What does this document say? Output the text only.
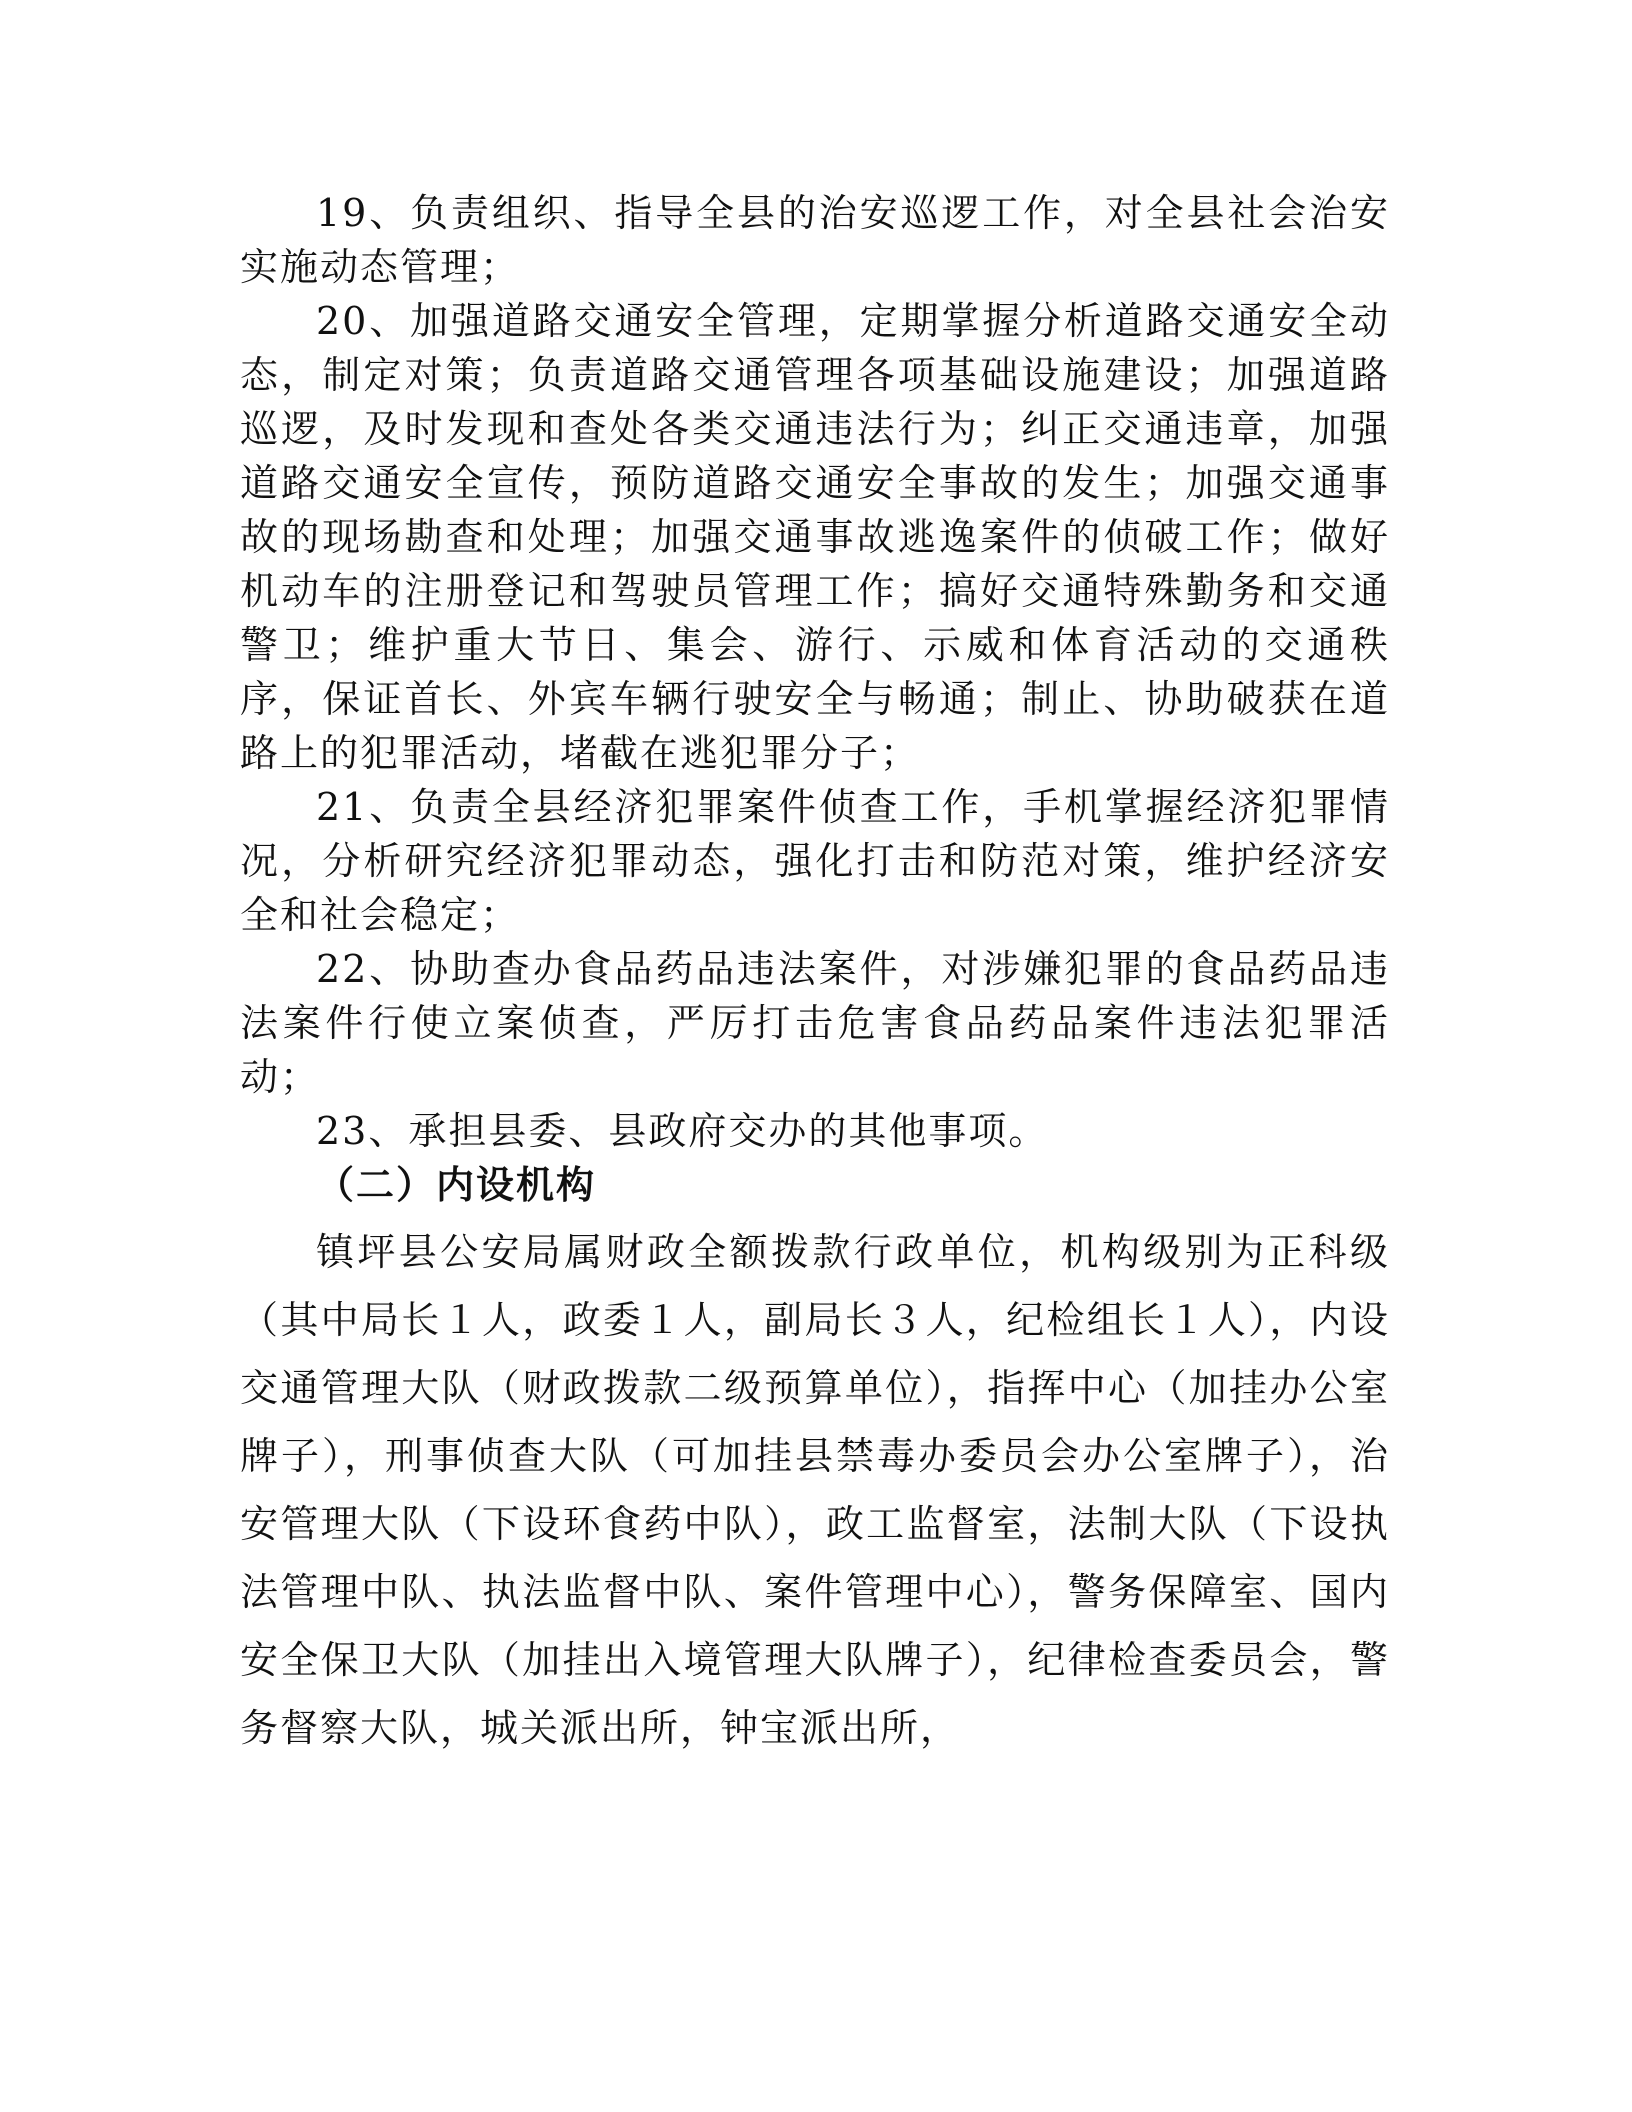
19、负责组织、指导全县的治安巡逻工作，对全县社会治安实施动态管理；

20、加强道路交通安全管理，定期掌握分析道路交通安全动态，制定对策；负责道路交通管理各项基础设施建设；加强道路巡逻，及时发现和查处各类交通违法行为；纠正交通违章，加强道路交通安全宣传，预防道路交通安全事故的发生；加强交通事故的现场勘查和处理；加强交通事故逃逸案件的侦破工作；做好机动车的注册登记和驾驶员管理工作；搞好交通特殊勤务和交通警卫；维护重大节日、集会、游行、示威和体育活动的交通秩序，保证首长、外宾车辆行驶安全与畅通；制止、协助破获在道路上的犯罪活动，堵截在逃犯罪分子；

21、负责全县经济犯罪案件侦查工作，手机掌握经济犯罪情况，分析研究经济犯罪动态，强化打击和防范对策，维护经济安全和社会稳定；

22、协助查办食品药品违法案件，对涉嫌犯罪的食品药品违法案件行使立案侦查，严厉打击危害食品药品案件违法犯罪活动；

23、承担县委、县政府交办的其他事项。

（二）内设机构

镇坪县公安局属财政全额拨款行政单位，机构级别为正科级（其中局长１人，政委１人，副局长３人，纪检组长１人），内设交通管理大队（财政拨款二级预算单位），指挥中心（加挂办公室牌子），刑事侦查大队（可加挂县禁毒办委员会办公室牌子），治安管理大队（下设环食药中队），政工监督室，法制大队（下设执法管理中队、执法监督中队、案件管理中心），警务保障室、国内安全保卫大队（加挂出入境管理大队牌子），纪律检查委员会，警务督察大队，城关派出所，钟宝派出所，
